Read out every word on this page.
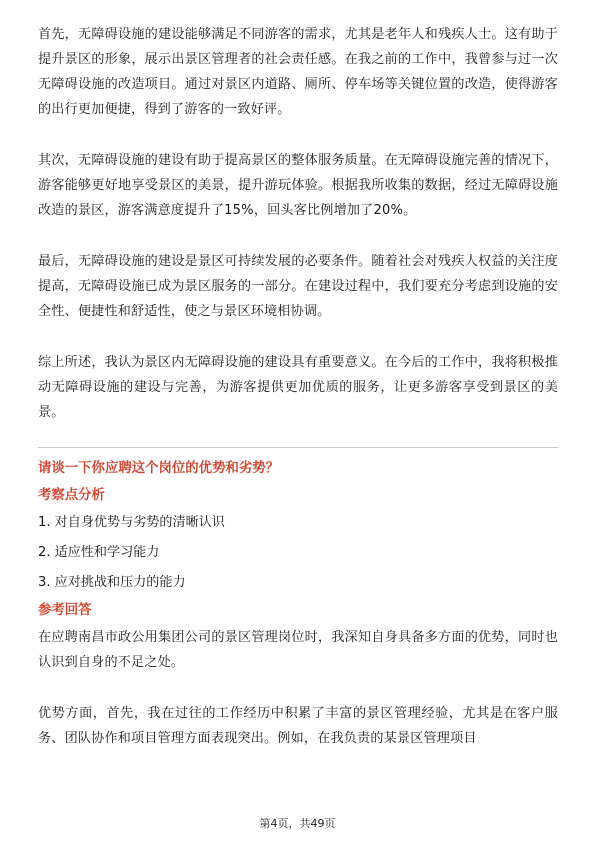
首先，无障碍设施的建设能够满足不同游客的需求，尤其是老年人和残疾人士。这有助于提升景区的形象，展示出景区管理者的社会责任感。在我之前的工作中，我曾参与过一次无障碍设施的改造项目。通过对景区内道路、厕所、停车场等关键位置的改造，使得游客的出行更加便捷，得到了游客的一致好评。

其次，无障碍设施的建设有助于提高景区的整体服务质量。在无障碍设施完善的情况下，游客能够更好地享受景区的美景，提升游玩体验。根据我所收集的数据，经过无障碍设施改造的景区，游客满意度提升了15%，回头客比例增加了20%。

最后，无障碍设施的建设是景区可持续发展的必要条件。随着社会对残疾人权益的关注度提高，无障碍设施已成为景区服务的一部分。在建设过程中，我们要充分考虑到设施的安全性、便捷性和舒适性，使之与景区环境相协调。

综上所述，我认为景区内无障碍设施的建设具有重要意义。在今后的工作中，我将积极推动无障碍设施的建设与完善，为游客提供更加优质的服务，让更多游客享受到景区的美景。

请谈一下你应聘这个岗位的优势和劣势？

考察点分析

1. 对自身优势与劣势的清晰认识

2. 适应性和学习能力

3. 应对挑战和压力的能力

参考回答

在应聘南昌市政公用集团公司的景区管理岗位时，我深知自身具备多方面的优势，同时也认识到自身的不足之处。

优势方面，首先，我在过往的工作经历中积累了丰富的景区管理经验，尤其是在客户服务、团队协作和项目管理方面表现突出。例如，在我负责的某景区管理项目

第4页，共49页
